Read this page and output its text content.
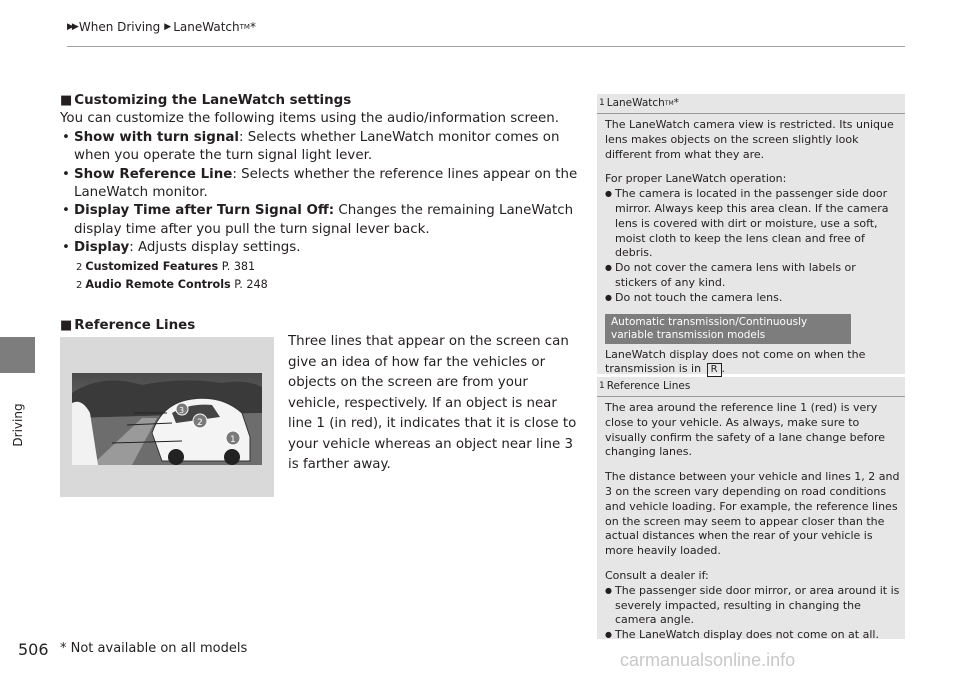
▶▶ When Driving ▶ LaneWatch TM *
Driving
■ Customizing the LaneWatch settings

You can customize the following items using the audio/information screen.

• Show with turn signal: Selects whether LaneWatch monitor comes on when you operate the turn signal light lever.
• Show Reference Line: Selects whether the reference lines appear on the LaneWatch monitor.
• Display Time after Turn Signal Off: Changes the remaining LaneWatch display time after you pull the turn signal lever back.
• Display: Adjusts display settings.
2 Customized Features P. 381
2 Audio Remote Controls P. 248
■ Reference Lines
1
2
3
Three lines that appear on the screen can give an idea of how far the vehicles or objects on the screen are from your vehicle, respectively. If an object is near line 1 (in red), it indicates that it is close to your vehicle whereas an object near line 3 is farther away.
1 LaneWatch TM *

The LaneWatch camera view is restricted. Its unique lens makes objects on the screen slightly look different from what they are.

For proper LaneWatch operation:

● The camera is located in the passenger side door mirror. Always keep this area clean. If the camera lens is covered with dirt or moisture, use a soft, moist cloth to keep the lens clean and free of debris.
● Do not cover the camera lens with labels or stickers of any kind.
● Do not touch the camera lens.
Automatic transmission/Continuously variable transmission models

LaneWatch display does not come on when the transmission is in R .

1 Reference Lines

The area around the reference line 1 (red) is very close to your vehicle. As always, make sure to visually confirm the safety of a lane change before changing lanes.

The distance between your vehicle and lines 1, 2 and 3 on the screen vary depending on road conditions and vehicle loading. For example, the reference lines on the screen may seem to appear closer than the actual distances when the rear of your vehicle is more heavily loaded.

Consult a dealer if:

● The passenger side door mirror, or area around it is severely impacted, resulting in changing the camera angle.
● The LaneWatch display does not come on at all.
506 * Not available on all models
carmanualsonline.info
